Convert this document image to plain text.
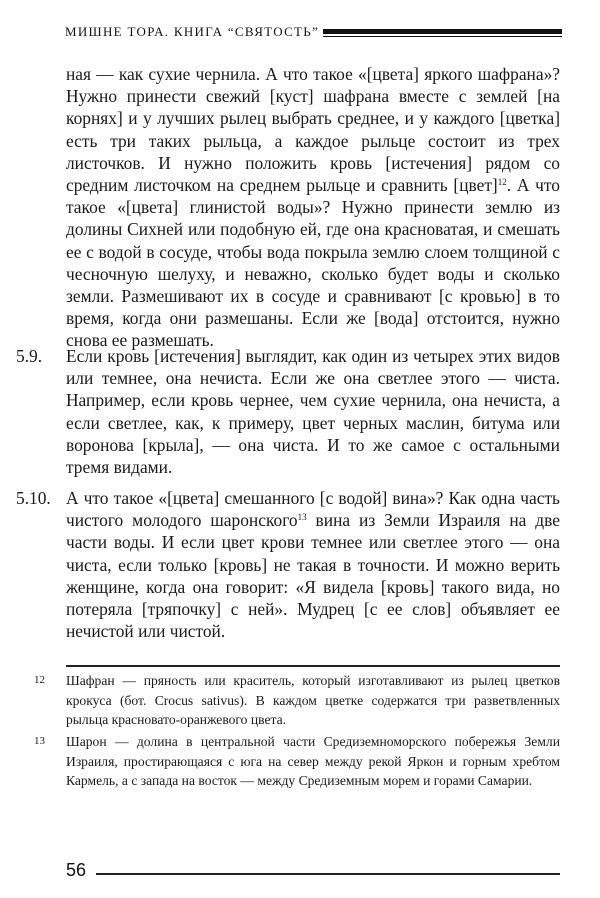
МИШНЕ ТОРА. КНИГА “СВЯТОСТЬ”
ная — как сухие чернила. А что такое «[цвета] яркого шафрана»? Нужно принести свежий [куст] шафрана вместе с землей [на корнях] и у лучших рылец выбрать среднее, и у каждого [цветка] есть три таких рыльца, а каждое рыльце состоит из трех листочков. И нужно положить кровь [истечения] рядом со средним листочком на среднем рыльце и сравнить [цвет]$^{12}$. А что такое «[цвета] глинистой воды»? Нужно принести землю из долины Сихней или подобную ей, где она красноватая, и смешать ее с водой в сосуде, чтобы вода покрыла землю слоем толщиной с чесночную шелуху, и неважно, сколько будет воды и сколько земли. Размешивают их в сосуде и сравнивают [с кровью] в то время, когда они размешаны. Если же [вода] отстоится, нужно снова ее размешать.
5.9. Если кровь [истечения] выглядит, как один из четырех этих видов или темнее, она нечиста. Если же она светлее этого — чиста. Например, если кровь чернее, чем сухие чернила, она нечиста, а если светлее, как, к примеру, цвет черных маслин, битума или воронова [крыла], — она чиста. И то же самое с остальными тремя видами.
5.10. А что такое «[цвета] смешанного [с водой] вина»? Как одна часть чистого молодого шаронского$^{13}$ вина из Земли Израиля на две части воды. И если цвет крови темнее или светлее этого — она чиста, если только [кровь] не такая в точности. И можно верить женщине, когда она говорит: «Я видела [кровь] такого вида, но потеряла [тряпочку] с ней». Мудрец [с ее слов] объявляет ее нечистой или чистой.
12 Шафран — пряность или краситель, который изготавливают из рылец цветков крокуса (бот. Crocus sativus). В каждом цветке содержатся три разветвленных рыльца красновато-оранжевого цвета.
13 Шарон — долина в центральной части Средиземноморского побережья Земли Израиля, простирающаяся с юга на север между рекой Яркон и горным хребтом Кармель, а с запада на восток — между Средиземным морем и горами Самарии.
56
